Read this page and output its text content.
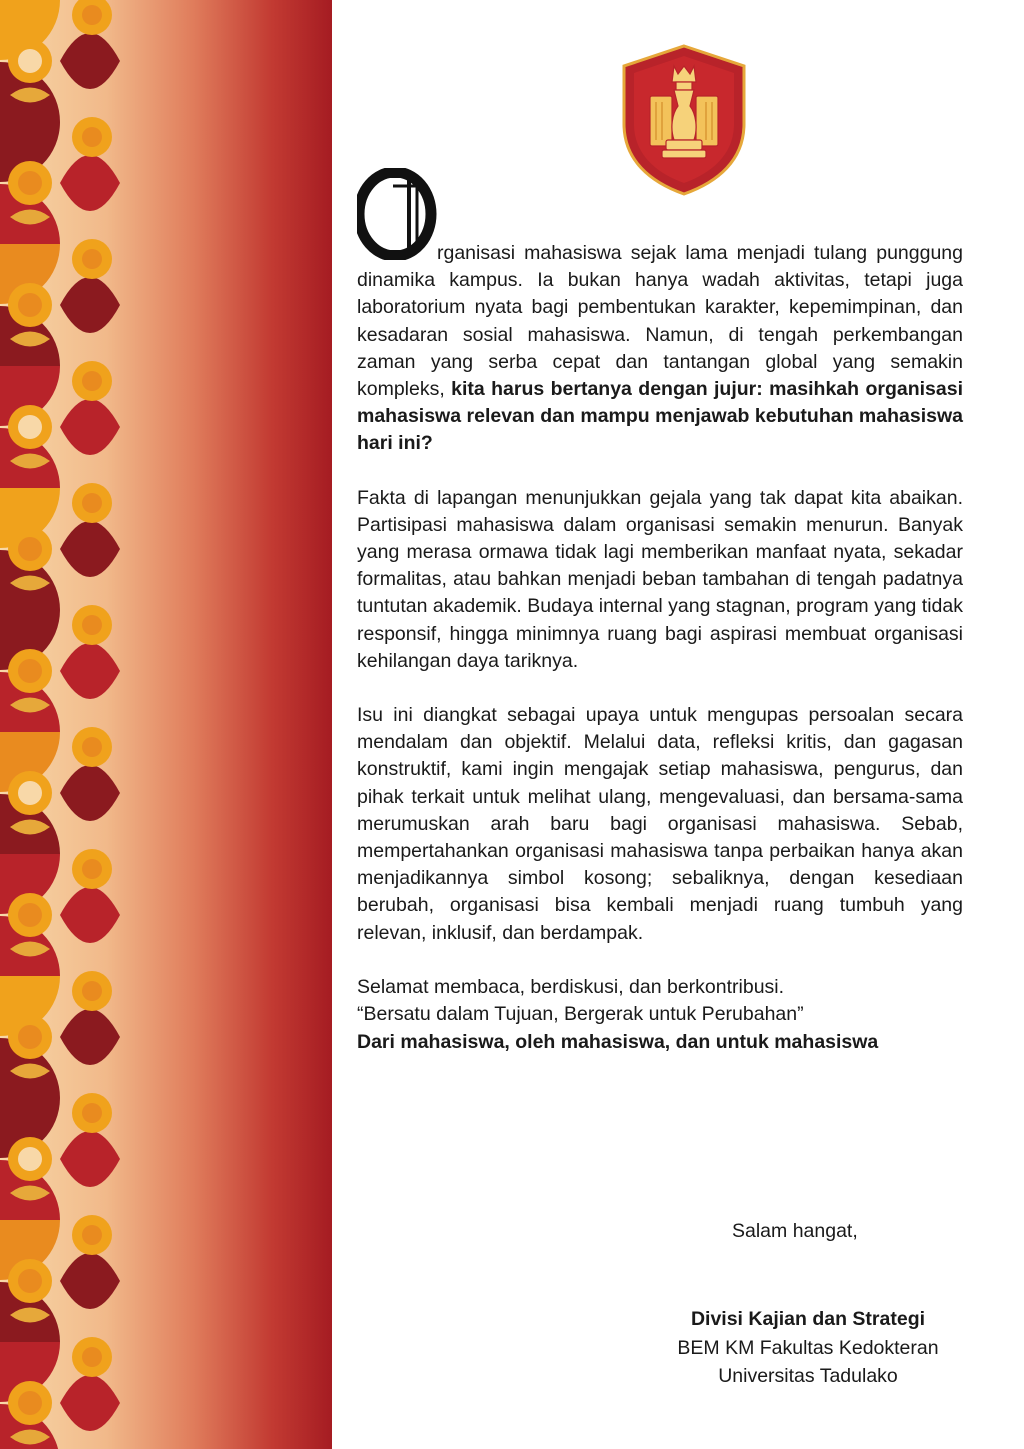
rganisasi mahasiswa sejak lama menjadi tulang punggung dinamika kampus. Ia bukan hanya wadah aktivitas, tetapi juga laboratorium nyata bagi pembentukan karakter, kepemimpinan, dan kesadaran sosial mahasiswa. Namun, di tengah perkembangan zaman yang serba cepat dan tantangan global yang semakin kompleks, kita harus bertanya dengan jujur: masihkah organisasi mahasiswa relevan dan mampu menjawab kebutuhan mahasiswa hari ini?

Fakta di lapangan menunjukkan gejala yang tak dapat kita abaikan. Partisipasi mahasiswa dalam organisasi semakin menurun. Banyak yang merasa ormawa tidak lagi memberikan manfaat nyata, sekadar formalitas, atau bahkan menjadi beban tambahan di tengah padatnya tuntutan akademik. Budaya internal yang stagnan, program yang tidak responsif, hingga minimnya ruang bagi aspirasi membuat organisasi kehilangan daya tariknya.

Isu ini diangkat sebagai upaya untuk mengupas persoalan secara mendalam dan objektif. Melalui data, refleksi kritis, dan gagasan konstruktif, kami ingin mengajak setiap mahasiswa, pengurus, dan pihak terkait untuk melihat ulang, mengevaluasi, dan bersama-sama merumuskan arah baru bagi organisasi mahasiswa. Sebab, mempertahankan organisasi mahasiswa tanpa perbaikan hanya akan menjadikannya simbol kosong; sebaliknya, dengan kesediaan berubah, organisasi bisa kembali menjadi ruang tumbuh yang relevan, inklusif, dan berdampak.

Selamat membaca, berdiskusi, dan berkontribusi.

“Bersatu dalam Tujuan, Bergerak untuk Perubahan”

Dari mahasiswa, oleh mahasiswa, dan untuk mahasiswa

Salam hangat,

Divisi Kajian dan Strategi

BEM KM Fakultas Kedokteran

Universitas Tadulako
